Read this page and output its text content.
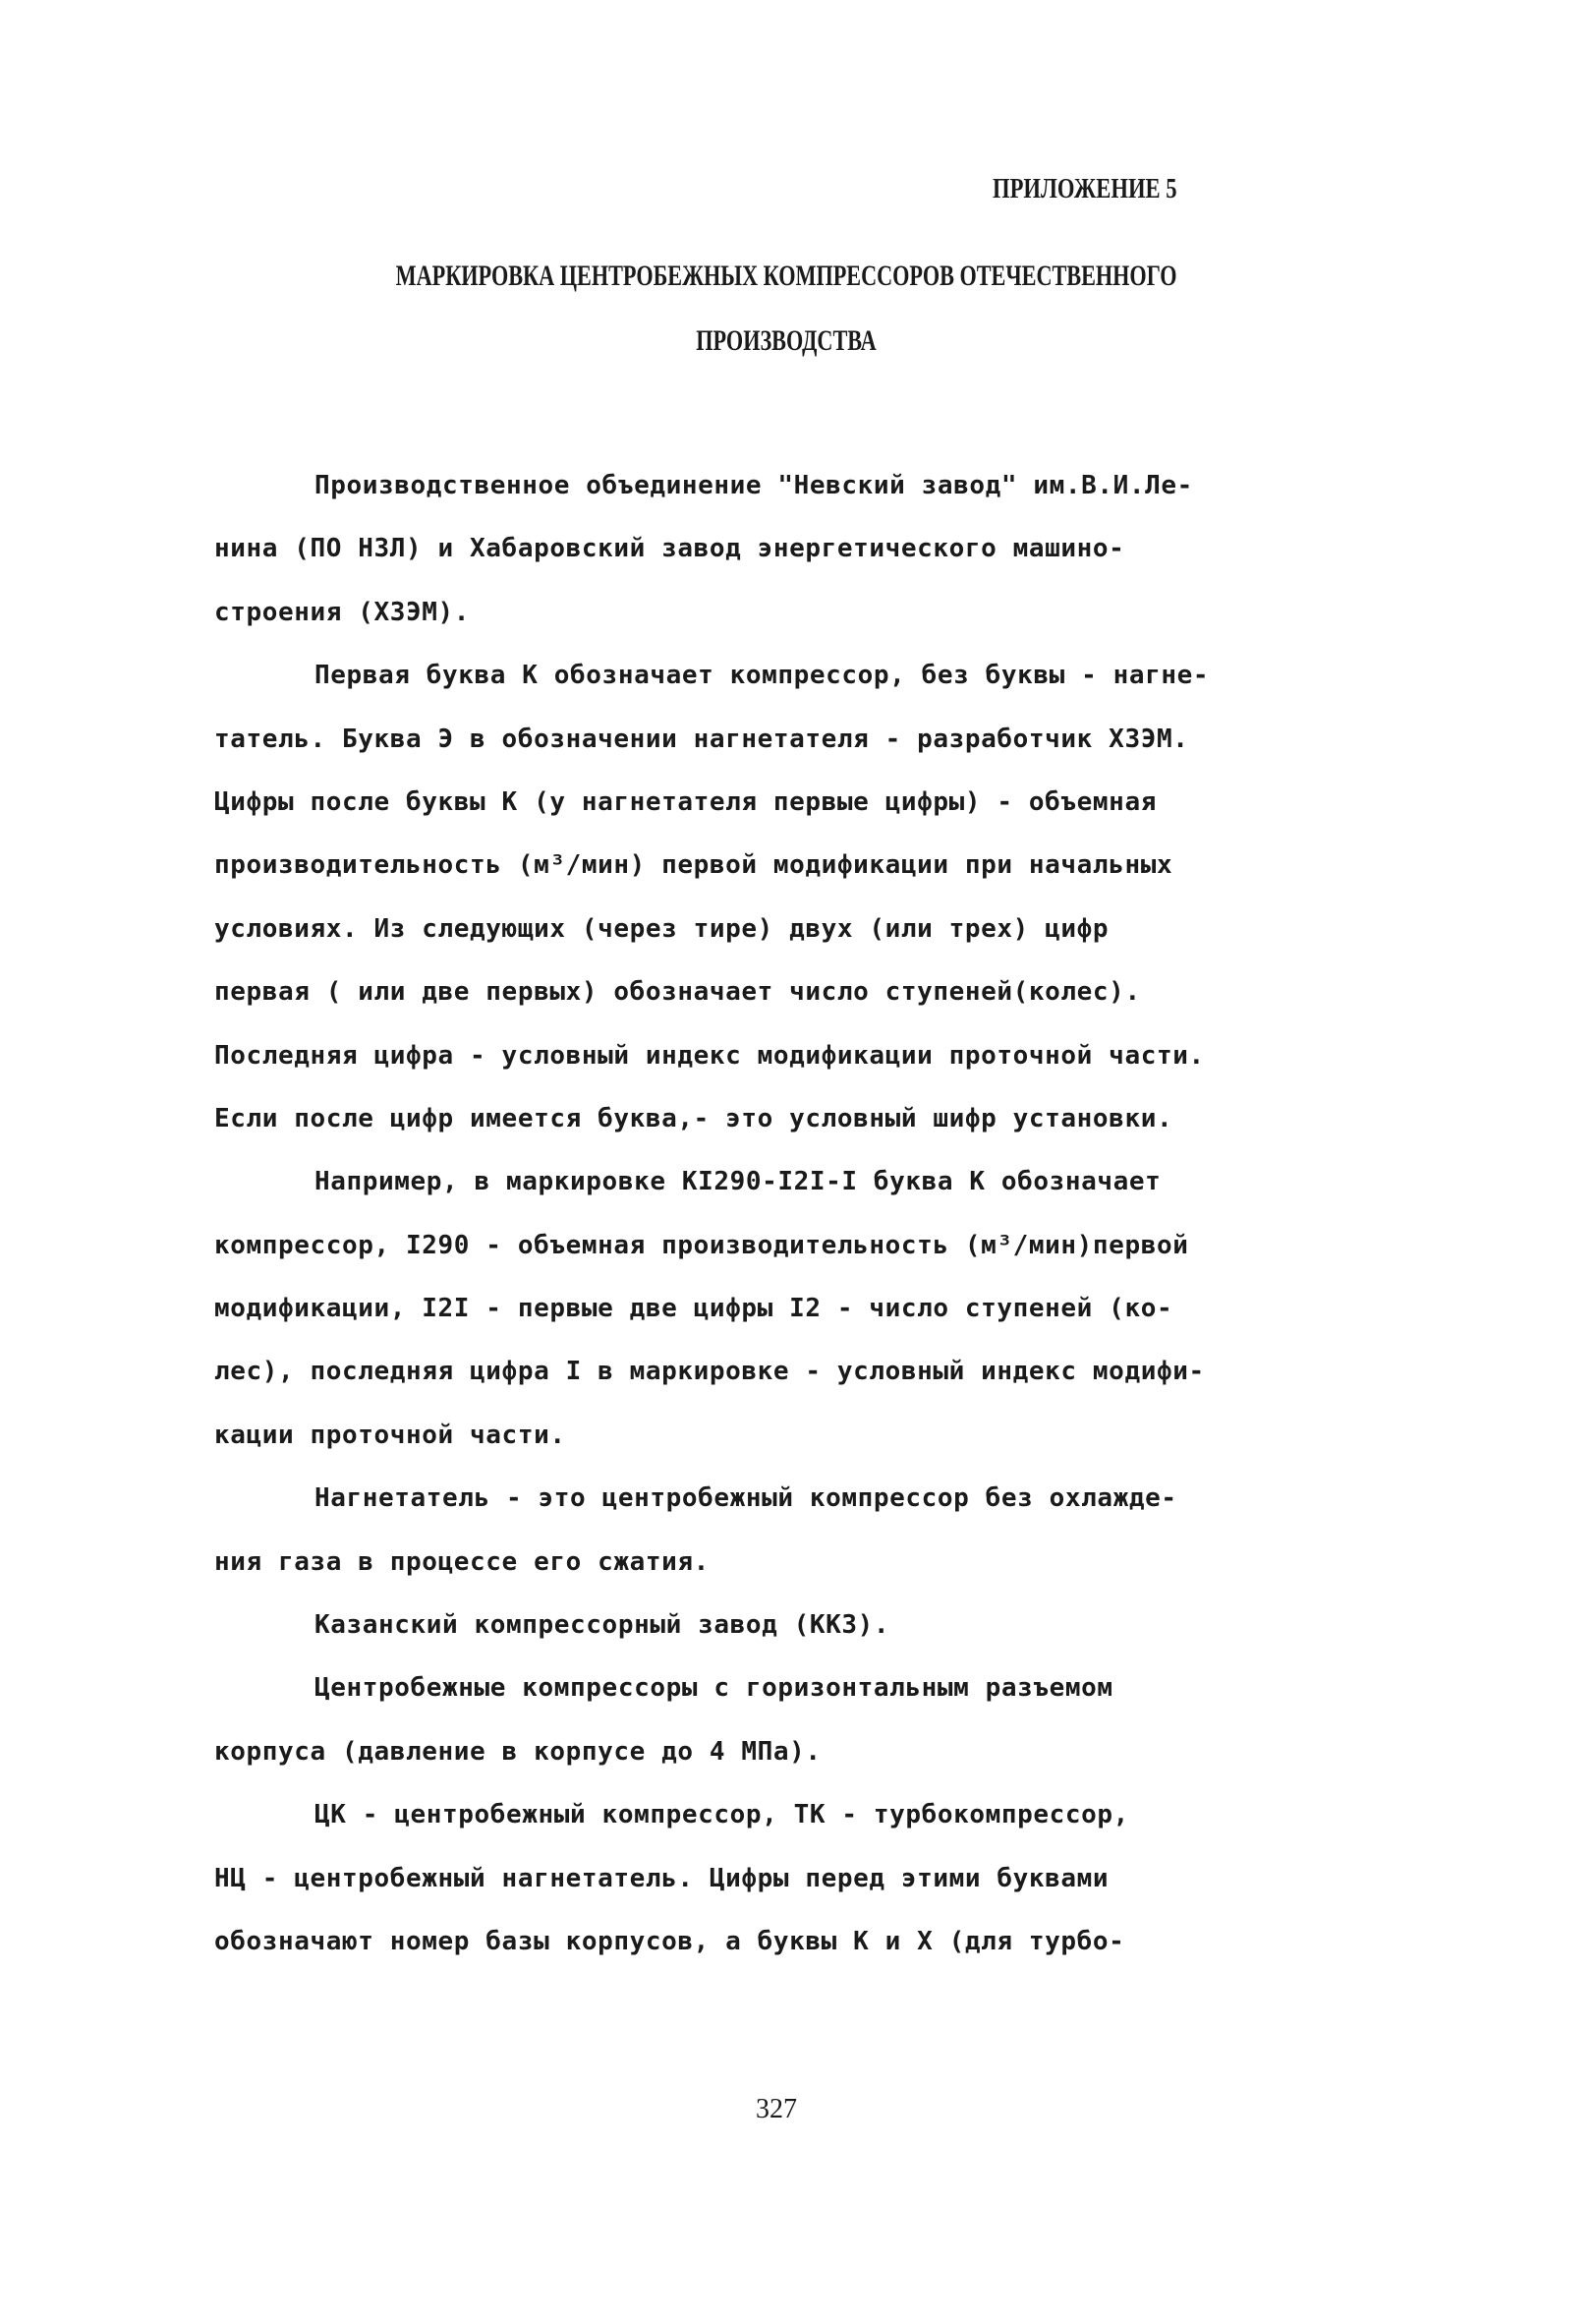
ПРИЛОЖЕНИЕ 5
МАРКИРОВКА ЦЕНТРОБЕЖНЫХ КОМПРЕССОРОВ ОТЕЧЕСТВЕННОГО
ПРОИЗВОДСТВА
Производственное объединение "Невский завод" им.В.И.Ле-
нина (ПО НЗЛ) и Хабаровский завод энергетического машино-
строения (ХЗЭМ).
Первая буква К обозначает компрессор, без буквы - нагне-
татель. Буква Э в обозначении нагнетателя - разработчик ХЗЭМ.
Цифры после буквы К (у нагнетателя первые цифры) - объемная
производительность (м³/мин) первой модификации при начальных
условиях. Из следующих (через тире) двух (или трех) цифр
первая ( или две первых) обозначает число ступеней(колес).
Последняя цифра - условный индекс модификации проточной части.
Если после цифр имеется буква,- это условный шифр установки.
Например, в маркировке КI290-I2I-I буква К обозначает
компрессор, I290 - объемная производительность (м³/мин)первой
модификации, I2I - первые две цифры I2 - число ступеней (ко-
лес), последняя цифра I в маркировке - условный индекс модифи-
кации проточной части.
Нагнетатель - это центробежный компрессор без охлажде-
ния газа в процессе его сжатия.
Казанский компрессорный завод (ККЗ).
Центробежные компрессоры с горизонтальным разъемом
корпуса (давление в корпусе до 4 МПа).
ЦК - центробежный компрессор, ТК - турбокомпрессор,
НЦ - центробежный нагнетатель. Цифры перед этими буквами
обозначают номер базы корпусов, а буквы К и Х (для турбо-
327
